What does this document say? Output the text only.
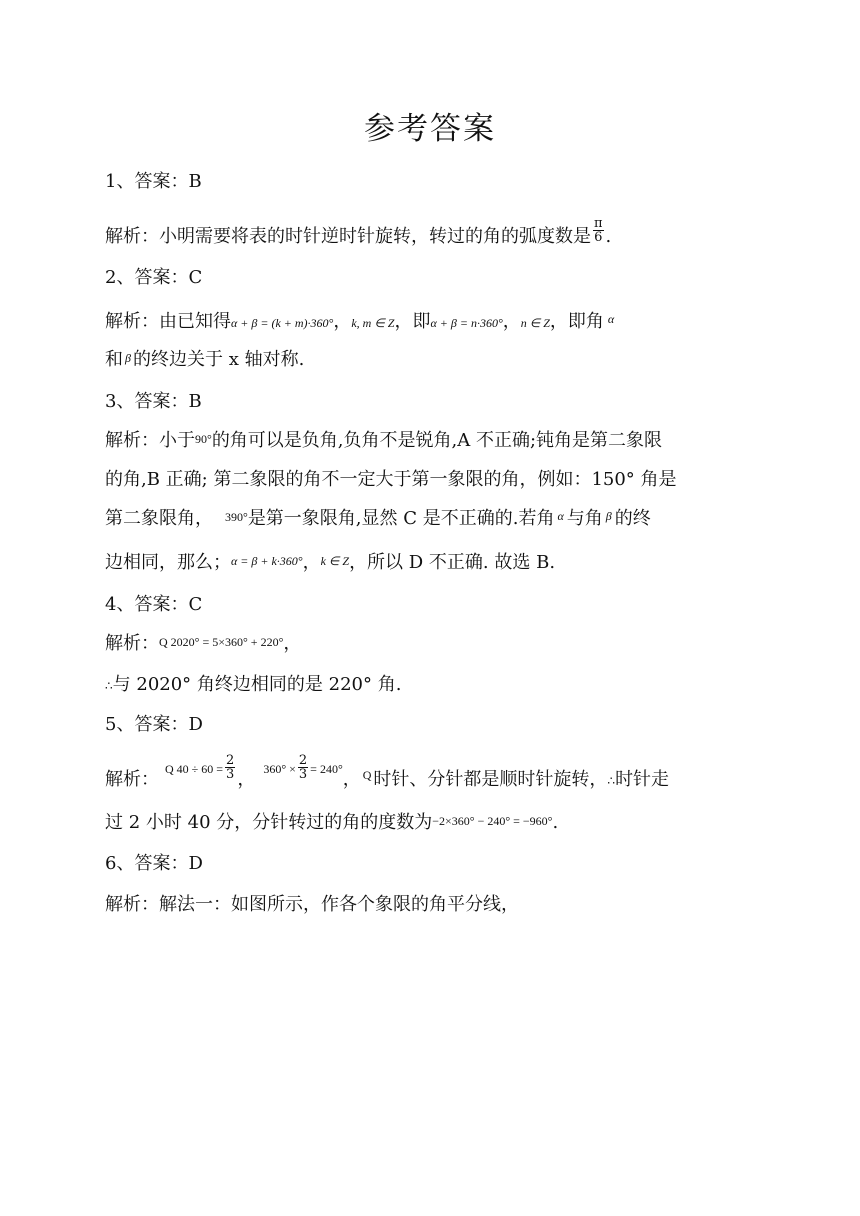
参考答案
1、答案：B
解析：小明需要将表的时针逆时针旋转，转过的角的弧度数是 $\frac{\pi}{6}$ .
2、答案：C
解析：由已知得α + β = (k + m)·360°，k, m ∈ Z，即α + β = n·360°，n ∈ Z，即角 $^\alpha$
和β 的终边关于 x 轴对称.
3、答案：B
解析：小于90°的角可以是负角,负角不是锐角,A 不正确;钝角是第二象限
的角,B 正确; 第二象限的角不一定大于第一象限的角，例如：150° 角是
第二象限角， 390°是第一象限角,显然 C 是不正确的.若角 $^\alpha$ 与角 $^\beta$ 的终
边相同，那么；α = β + k·360°，k ∈ Z，所以 D 不正确. 故选 B.
4、答案：C
解析：Q 2020° = 5×360° + 220°，
∴与 2020° 角终边相同的是 220° 角.
5、答案：D
解析： $^{Q 40 \div 60 =} \frac{2}{3}$ ， $^{360^\circ \times} \frac{2}{3} ^{= 240^\circ}$， $^Q$ 时针、分针都是顺时针旋转，∴时针走
过 2 小时 40 分，分针转过的角的度数为−2×360° − 240° = −960°.
6、答案：D
解析：解法一：如图所示，作各个象限的角平分线，
